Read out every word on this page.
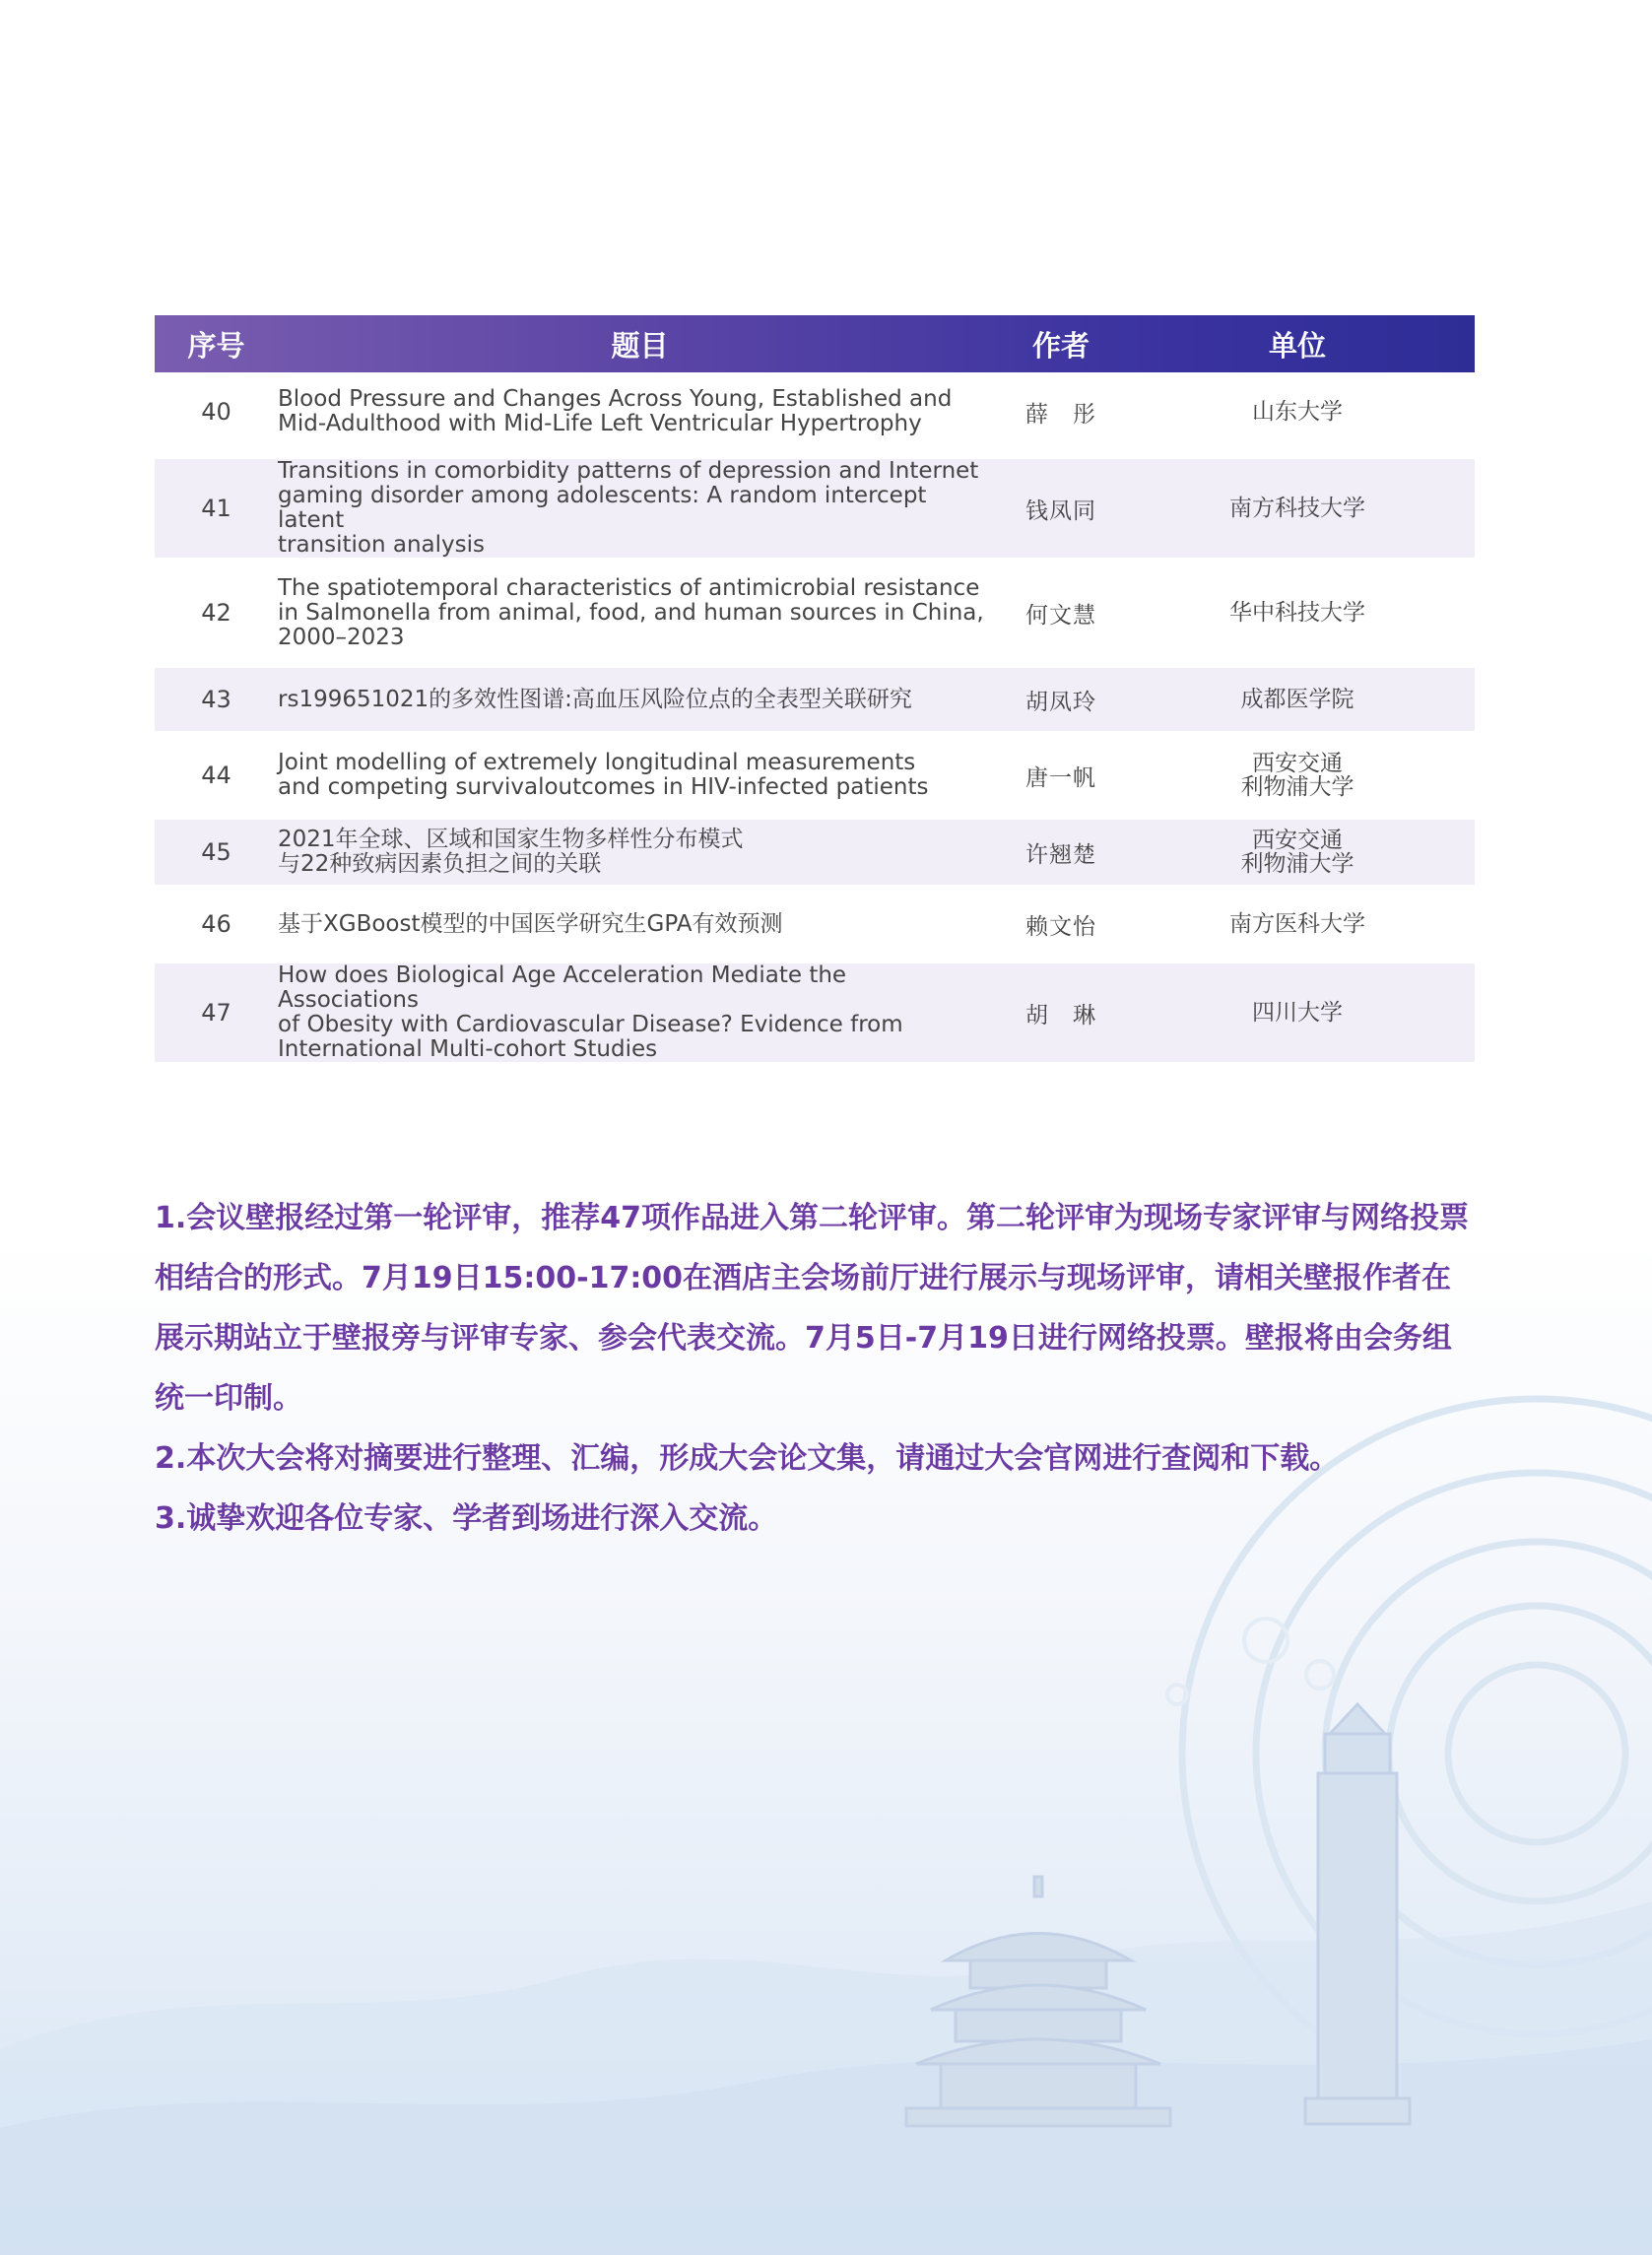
序号	题目	作者	单位
40	Blood Pressure and Changes Across Young, Established and
Mid-Adulthood with Mid-Life Left Ventricular Hypertrophy	薛　彤	山东大学

41	Transitions in comorbidity patterns of depression and Internet
gaming disorder among adolescents: A random intercept latent
transition analysis	钱凤同	南方科技大学

42	The spatiotemporal characteristics of antimicrobial resistance
in Salmonella from animal, food, and human sources in China,
2000–2023	何文慧	华中科技大学

43	rs199651021的多效性图谱:高血压风险位点的全表型关联研究	胡凤玲	成都医学院

44	Joint modelling of extremely longitudinal measurements
and competing survivaloutcomes in HIV-infected patients	唐一帆	西安交通
利物浦大学

45	2021年全球、区域和国家生物多样性分布模式
与22种致病因素负担之间的关联	许翘楚	西安交通
利物浦大学

46	基于XGBoost模型的中国医学研究生GPA有效预测	赖文怡	南方医科大学

47	How does Biological Age Acceleration Mediate the Associations
of Obesity with Cardiovascular Disease? Evidence from
International Multi-cohort Studies	胡　琳	四川大学

1.会议壁报经过第一轮评审，推荐47项作品进入第二轮评审。第二轮评审为现场专家评审与网络投票相结合的形式。7月19日15:00-17:00在酒店主会场前厅进行展示与现场评审，请相关壁报作者在展示期站立于壁报旁与评审专家、参会代表交流。7月5日-7月19日进行网络投票。壁报将由会务组统一印制。

2.本次大会将对摘要进行整理、汇编，形成大会论文集，请通过大会官网进行查阅和下载。

3.诚挚欢迎各位专家、学者到场进行深入交流。
